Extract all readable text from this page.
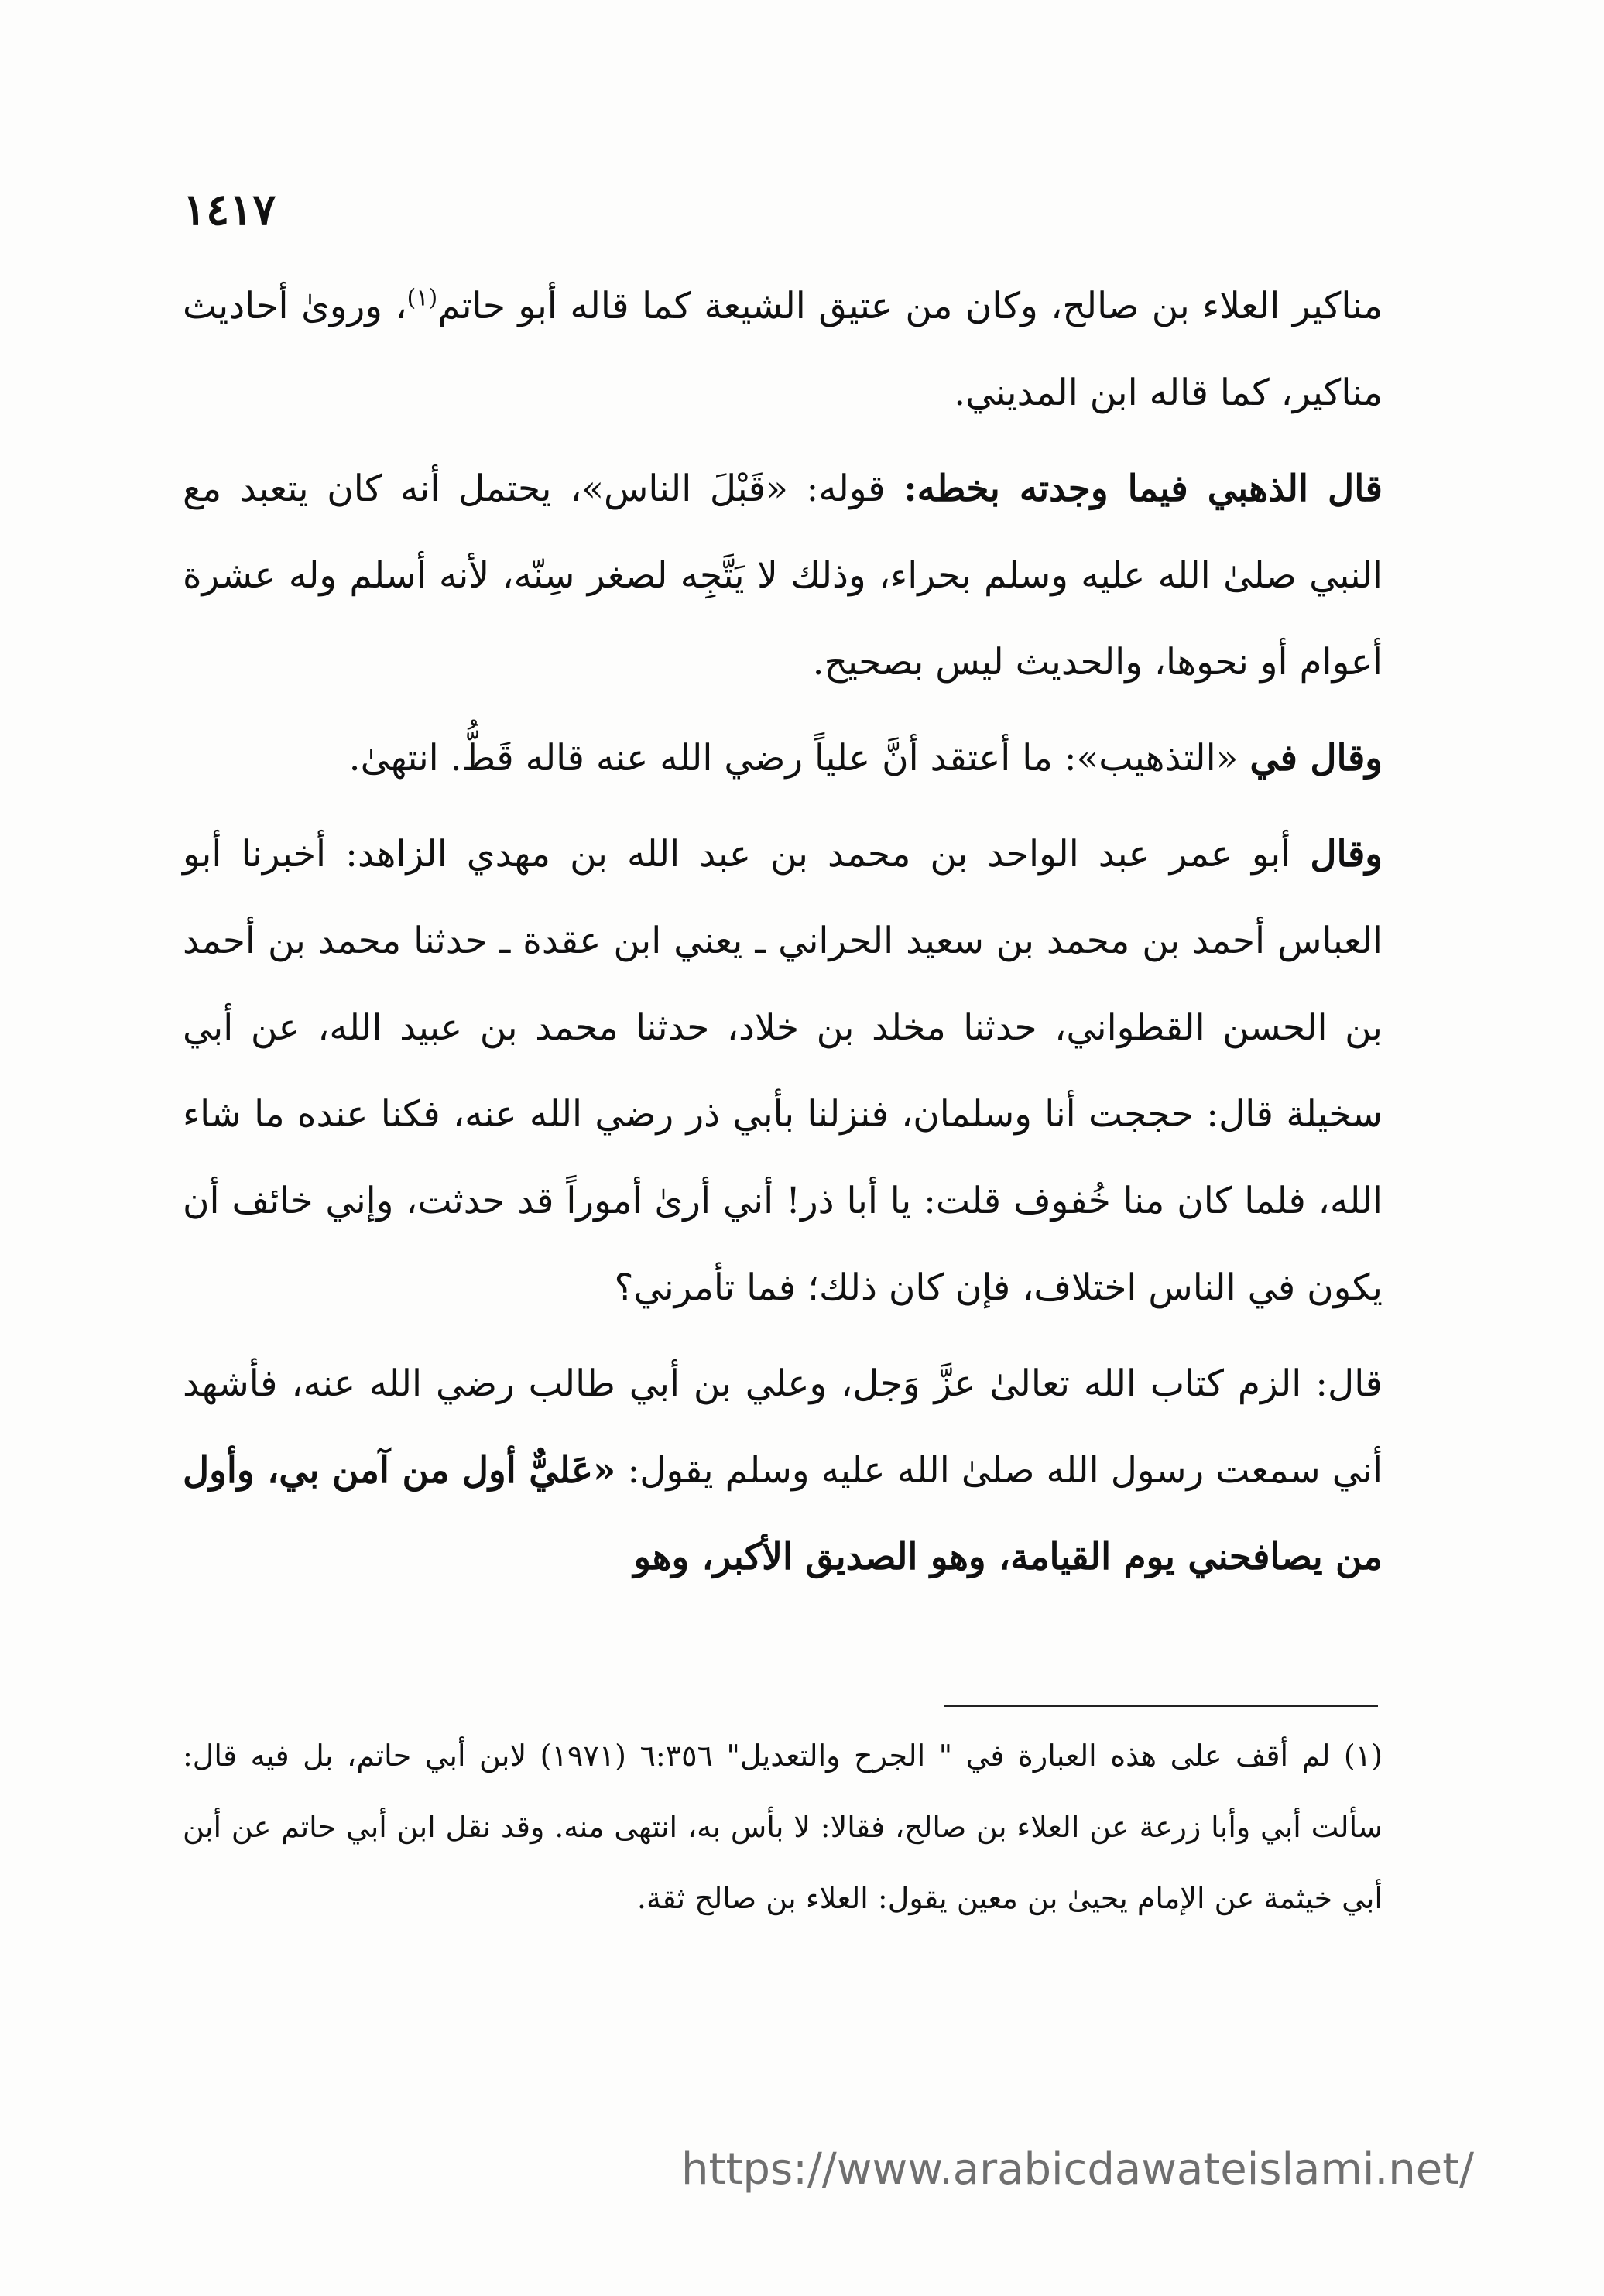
١٤١٧

مناكير العلاء بن صالح، وكان من عتيق الشيعة كما قاله أبو حاتم$^{(١)}$، ورویٰ أحاديث مناكير، كما قاله ابن المديني.

قال الذهبي فيما وجدته بخطه: قوله: «قَبْلَ الناس»، يحتمل أنه كان يتعبد مع النبي صلىٰ الله عليه وسلم بحراء، وذلك لا يَتَّجِه لصغر سِنّه، لأنه أسلم وله عشرة أعوام أو نحوها، والحديث ليس بصحيح.

وقال في «التذهيب»: ما أعتقد أنَّ علياً رضي الله عنه قاله قَطُّ. انتهىٰ.

وقال أبو عمر عبد الواحد بن محمد بن عبد الله بن مهدي الزاهد: أخبرنا أبو العباس أحمد بن محمد بن سعيد الحراني ـ يعني ابن عقدة ـ حدثنا محمد بن أحمد بن الحسن القطواني، حدثنا مخلد بن خلاد، حدثنا محمد بن عبيد الله، عن أبي سخيلة قال: حججت أنا وسلمان، فنزلنا بأبي ذر رضي الله عنه، فكنا عنده ما شاء الله، فلما كان منا خُفوف قلت: يا أبا ذر! أني أرىٰ أموراً قد حدثت، وإني خائف أن يكون في الناس اختلاف، فإن كان ذلك؛ فما تأمرني؟

قال: الزم كتاب الله تعالىٰ عزَّ وَجل، وعلي بن أبي طالب رضي الله عنه، فأشهد أني سمعت رسول الله صلىٰ الله عليه وسلم يقول: «عَليٌّ أول من آمن بي، وأول من يصافحني يوم القيامة، وهو الصديق الأكبر، وهو

(١) لم أقف على هذه العبارة في " الجرح والتعديل" ٦:٣٥٦ (١٩٧١) لابن أبي حاتم، بل فيه قال: سألت أبي وأبا زرعة عن العلاء بن صالح، فقالا: لا بأس به، انتهى منه. وقد نقل ابن أبي حاتم عن أبن أبي خيثمة عن الإمام يحيىٰ بن معين يقول: العلاء بن صالح ثقة.

https://www.arabicdawateislami.net/
